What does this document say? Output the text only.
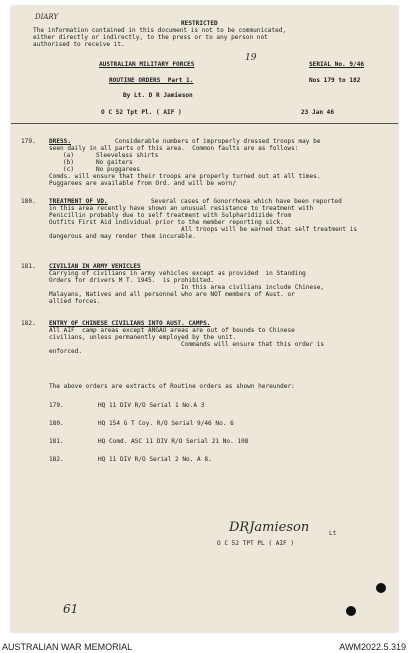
DIARY
RESTRICTED
The information contained in this document is not to be communicated,
either directly or indirectly, to the press or to any person not
authorised to receive it.
AUSTRALIAN MILITARY FORCES
19
SERIAL No. 9/46
ROUTINE ORDERS  Part 1.	Nos 179 to 182
By Lt. D R Jamieson
O C 52 Tpt Pl. ( AIF )	23 Jan 46
179. DRESS.	Considerable numbers of improperly dressed troops may be
seen daily in all parts of this area.  Common faults are as follows:
(a)      Sleeveless shirts
(b)      No gaiters
(c)      No puggarees
Comds. will ensure that their troops are properly turned out at all times.
Puggarees are available from Ord. and will be worn/
180. TREATMENT OF VD.	Several cases of Gonorrhoea which have been reported
in this area recently have shown an unusual resistance to treatment with
Penicillin probably due to self treatment with Sulpharidizide from
Outfits First Aid individual prior to the member reporting sick.
All troops will be warned that self treatment is
dangerous and may render them incurable.
181. CIVILIAN IN ARMY VEHICLES
Carrying of civilians in army vehicles except as provided  in Standing
Orders for drivers M T. 1945.  is prohibited.
In this area civilians include Chinese,
Malayans, Natives and all personnel who are NOT members of Aust. or
allied forces.
182. ENTRY OF CHINESE CIVILIANS INTO AUST. CAMPS.
All AIF  camp areas except ANGAU areas are out of bounds to Chinese
civilians, unless permanently employed by the unit.
Commands will ensure that this order is
enforced.
The above orders are extracts of Routine orders as shown hereunder:
179.	HQ 11 DIV R/O Serial 1 No.A 3
180.	HQ 154 G T Coy. R/O Serial 9/46 No. 6
181.	HQ Comd. ASC 11 DIV R/O Serial 21 No. 108
182.	HQ 11 DIV R/O Serial 2 No. A 8.
DRJamieson	Lt
O C 52 TPT PL ( AIF )
61
AUSTRALIAN WAR MEMORIAL	AWM2022.5.319
